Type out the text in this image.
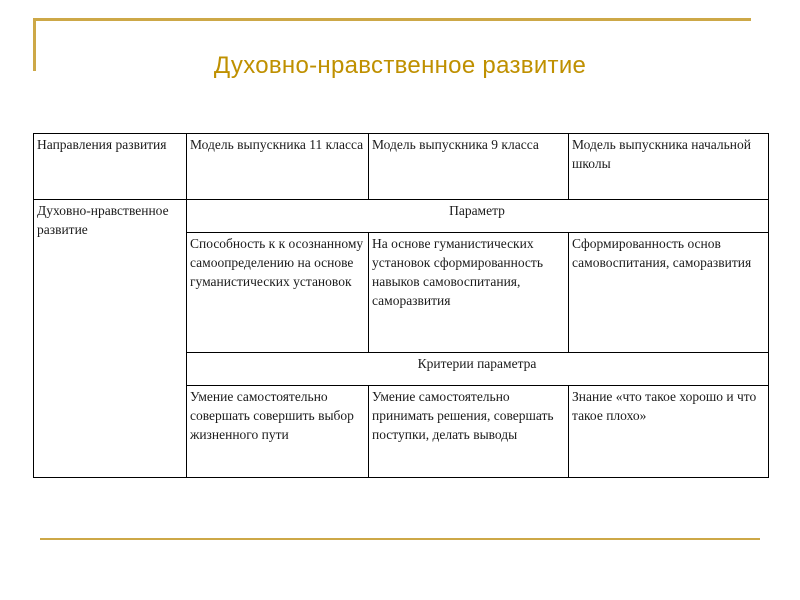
Духовно-нравственное развитие
Направления развития	Модель выпускника 11 класса	Модель выпускника 9 класса	Модель выпускника начальной школы
Духовно-нравственное развитие	Параметр		
	Способность к к осознанному самоопределению на основе гуманистических установок	На основе гуманистических установок сформированность навыков самовоспитания, саморазвития	Сформированность основ самовоспитания, саморазвития
	Критерии параметра		
	Умение самостоятельно совершать совершить выбор жизненного пути	Умение самостоятельно принимать решения, совершать поступки, делать выводы	Знание «что такое хорошо и что такое плохо»
